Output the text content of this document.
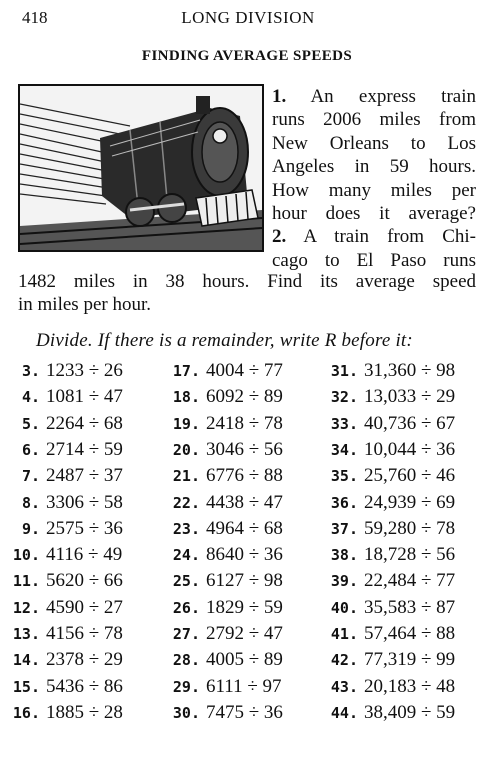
418	LONG DIVISION
FINDING AVERAGE SPEEDS
1. An express train
runs 2006 miles from
New Orleans to Los
Angeles in 59 hours.
How many miles per
hour does it average?
2. A train from Chi-
cago to El Paso runs
1482 miles in 38 hours. Find its average speed
in miles per hour.
Divide. If there is a remainder, write R before it:
3. 1233 ÷ 26
4. 1081 ÷ 47
5. 2264 ÷ 68
6. 2714 ÷ 59
7. 2487 ÷ 37
8. 3306 ÷ 58
9. 2575 ÷ 36
10. 4116 ÷ 49
11. 5620 ÷ 66
12. 4590 ÷ 27
13. 4156 ÷ 78
14. 2378 ÷ 29
15. 5436 ÷ 86
16. 1885 ÷ 28
17. 4004 ÷ 77
18. 6092 ÷ 89
19. 2418 ÷ 78
20. 3046 ÷ 56
21. 6776 ÷ 88
22. 4438 ÷ 47
23. 4964 ÷ 68
24. 8640 ÷ 36
25. 6127 ÷ 98
26. 1829 ÷ 59
27. 2792 ÷ 47
28. 4005 ÷ 89
29. 6111 ÷ 97
30. 7475 ÷ 36
31. 31,360 ÷ 98
32. 13,033 ÷ 29
33. 40,736 ÷ 67
34. 10,044 ÷ 36
35. 25,760 ÷ 46
36. 24,939 ÷ 69
37. 59,280 ÷ 78
38. 18,728 ÷ 56
39. 22,484 ÷ 77
40. 35,583 ÷ 87
41. 57,464 ÷ 88
42. 77,319 ÷ 99
43. 20,183 ÷ 48
44. 38,409 ÷ 59
